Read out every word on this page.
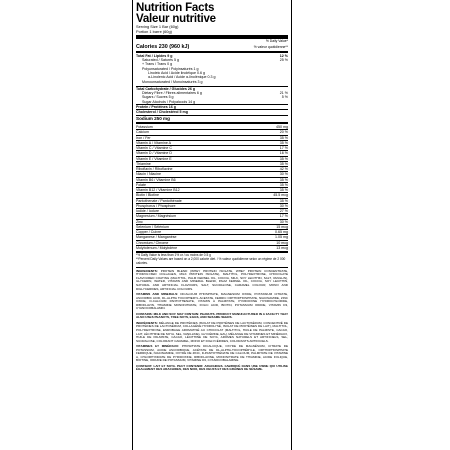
Nutrition Facts
Valeur nutritive
Serving Size 1 Bar (60g)
Portion 1 barre (60g)
% Daily Value*
Calories 230 (960 kJ)	% valeur quotidienne**
Total Fat / Lipides 9 g	12 %
Saturated / Saturés 5 g	25 %
+ Trans / Trans 0 g
Polyunsaturated / Polyinsaturés 1 g
Linoleic Acid / Acide linoléique 0.6 g
α-Linolenic Acid / Acide α-linolénique 0.3 g
Monounsaturated / Monoinsaturés 3 g
Total Carbohydrate / Glucides 26 g
Dietary Fibre / Fibres alimentaires 6 g	21 %
Sugars / Sucres 5 g	5 %
Sugar Alcohols / Polyalcools 14 g
Protein / Protéines 16 g
Cholesterol / Cholestérol 5 mg
Sodium 250 mg
Potassium	450 mg
Calcium	20 %
Iron / Fer	35 %
Vitamin A / Vitamine A	35 %
Vitamin C / Vitamine C	17 %
Vitamin D / Vitamine D	16 %
Vitamin E / Vitamine E	35 %
Thiamine	35 %
Riboflavin / Riboflavine	42 %
Niacin / Niacine	30 %
Vitamin B6 / Vitamine B6	35 %
Folate	35 %
Vitamin B12 / Vitamine B12	35 %
Biotin / Biotine	45.5 mcg
Pantothenate / Pantothénate	35 %
Phosphorus / Phosphore	30 %
Iodide / Iodure	27 %
Magnesium / Magnésium	17 %
Zinc	30 %
Selenium / Sélénium	15 mcg
Copper / Cuivre	0.65 mg
Manganese / Manganèse	1.05 mg
Chromium / Chrome	10 mcg
Molybdenum / Molybdène	13 mcg
*% Daily Value is less than 1% or / ou moins de 0.5 g
**Percent Daily Values are based on a 2,000 calorie diet. / % valeur quotidienne selon un régime de 2 000 calories.
INGREDIENTS: PROTEIN BLEND (WHEY PROTEIN ISOLATE, WHEY PROTEIN CONCENTRATE, HYDROLYZED COLLAGEN, MILK PROTEIN ISOLATE), MALTITOL, POLYDEXTROSE, CHOCOLATE FLAVOURED COATING (MALTITOL, PALM KERNEL OIL, COCOA, MILK, SOY LECITHIN, SALT, VANILLIN), GLYCERIN, WATER, VITAMIN AND MINERAL BLEND, PALM KERNEL OIL, COCOA, SOY LECITHIN, NATURAL AND ARTIFICIAL FLAVOURS, SALT, SUCRALOSE, CARAMEL COLOUR, MONO AND DIGLYCERIDES, ARTIFICIAL COLOURS.
VITAMINS AND MINERALS: DICALCIUM PHOSPHATE, MAGNESIUM OXIDE, POTASSIUM CITRATE, ASCORBIC ACID, DL-ALPHA TOCOPHERYL ACETATE, FERRIC ORTHOPHOSPHATE, NIACINAMIDE, ZINC OXIDE, D-CALCIUM PANTOTHENATE, VITAMIN A PALMITATE, PYRIDOXINE HYDROCHLORIDE, RIBOFLAVIN, THIAMINE MONONITRATE, FOLIC ACID, BIOTIN, POTASSIUM IODIDE, VITAMIN D3, CYANOCOBALAMIN.
CONTAINS: MILK AND SOY. MAY CONTAIN: PEANUTS. PRODUCT MANUFACTURED IN A FACILITY THAT ALSO USES PEANUTS, TREE NUTS, EGGS, AND SESAME SEEDS.
INGRÉDIENTS: MÉLANGE DE PROTÉINES (ISOLAT DE PROTÉINES DE LACTOSÉRUM, CONCENTRÉ DE PROTÉINES DE LACTOSÉRUM, COLLAGÈNE HYDROLYSÉ, ISOLAT DE PROTÉINES DE LAIT), MALTITOL, POLYDEXTROSE, ENROBAGE AROMATISÉ AU CHOCOLAT (MALTITOL, HUILE DE PALMISTE, CACAO, LAIT, LÉCITHINE DE SOYA, SEL, VANILLINE), GLYCÉRINE, EAU, MÉLANGE DE VITAMINES ET MINÉRAUX, HUILE DE PALMISTE, CACAO, LÉCITHINE DE SOYA, ARÔMES NATURELS ET ARTIFICIELS, SEL, SUCRALOSE, COLORANT CARAMEL, MONO ET DIGLYCÉRIDES, COLORANTS ARTIFICIELS.
VITAMINES ET MINÉRAUX: PHOSPHATE DICALCIQUE, OXYDE DE MAGNÉSIUM, CITRATE DE POTASSIUM, ACIDE ASCORBIQUE, ACÉTATE DE DL-ALPHA-TOCOPHÉRYLE, ORTHOPHOSPHATE FERRIQUE, NIACINAMIDE, OXYDE DE ZINC, D-PANTOTHÉNATE DE CALCIUM, PALMITATE DE VITAMINE A, CHLORHYDRATE DE PYRIDOXINE, RIBOFLAVINE, MONONITRATE DE THIAMINE, ACIDE FOLIQUE, BIOTINE, IODURE DE POTASSIUM, VITAMINE D3, CYANOCOBALAMINE.
CONTIENT: LAIT ET SOYA. PEUT CONTENIR: ARACHIDES. FABRIQUÉ DANS UNE USINE QUI UTILISE ÉGALEMENT DES ARACHIDES, DES NOIX, DES OEUFS ET DES GRAINES DE SÉSAME.
